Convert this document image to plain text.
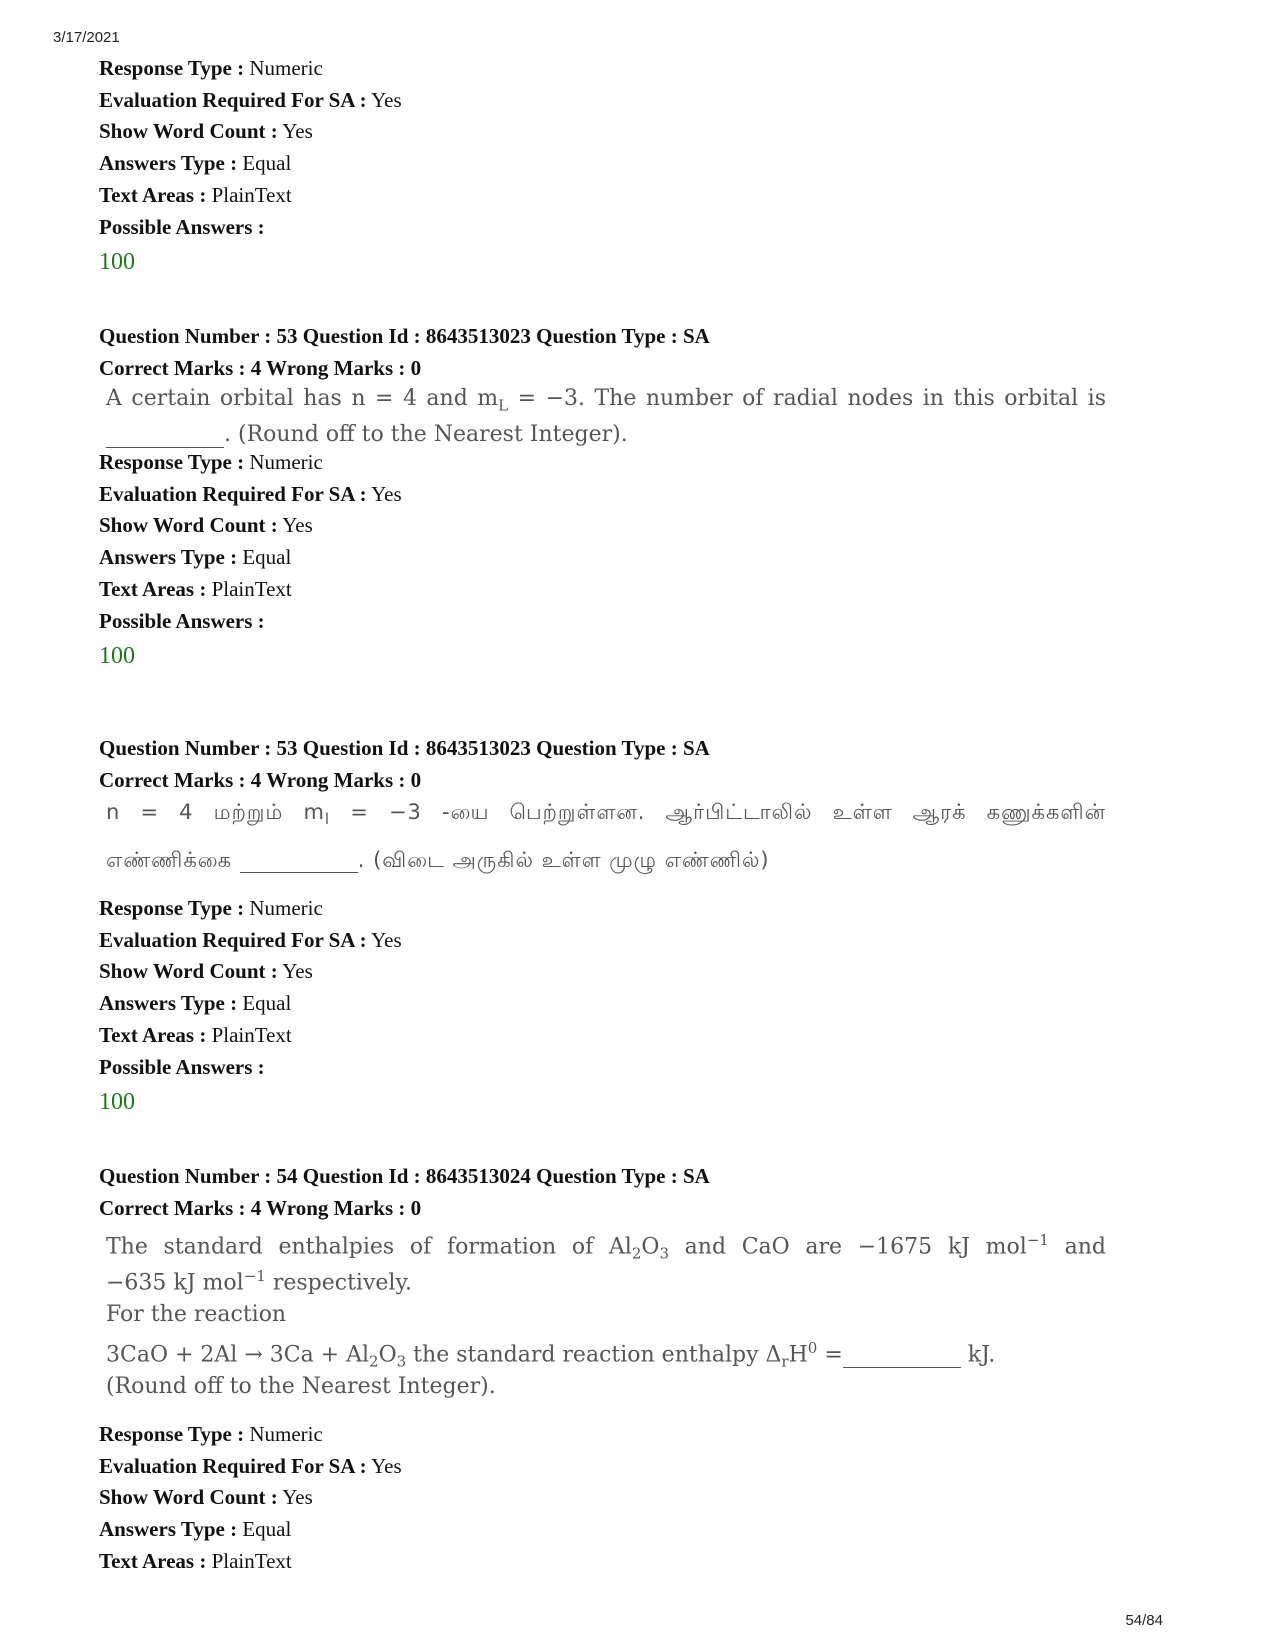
3/17/2021
Response Type : Numeric
Evaluation Required For SA : Yes
Show Word Count : Yes
Answers Type : Equal
Text Areas : PlainText
Possible Answers :
100
Question Number : 53 Question Id : 8643513023 Question Type : SA
Correct Marks : 4 Wrong Marks : 0
A certain orbital has n = 4 and $m_L = -3$. The number of radial nodes in this orbital is
. (Round off to the Nearest Integer).
Response Type : Numeric
Evaluation Required For SA : Yes
Show Word Count : Yes
Answers Type : Equal
Text Areas : PlainText
Possible Answers :
100
Question Number : 53 Question Id : 8643513023 Question Type : SA
Correct Marks : 4 Wrong Marks : 0
n = 4 மற்றும் $m_l = -3$ -யை பெற்றுள்ளன. ஆர்பிட்டாலில் உள்ள ஆரக் கணுக்களின்
எண்ணிக்கை	. (விடை அருகில் உள்ள முழு எண்ணில்)
Response Type : Numeric
Evaluation Required For SA : Yes
Show Word Count : Yes
Answers Type : Equal
Text Areas : PlainText
Possible Answers :
100
Question Number : 54 Question Id : 8643513024 Question Type : SA
Correct Marks : 4 Wrong Marks : 0
The standard enthalpies of formation of $Al_2O_3$ and CaO are −1675 kJ mol$^{-1}$ and
−635 kJ mol$^{-1}$ respectively.
For the reaction
$3CaO + 2Al \to 3Ca + Al_2O_3$ the standard reaction enthalpy $\Delta_rH^0$ =	kJ.
(Round off to the Nearest Integer).
Response Type : Numeric
Evaluation Required For SA : Yes
Show Word Count : Yes
Answers Type : Equal
Text Areas : PlainText
54/84
